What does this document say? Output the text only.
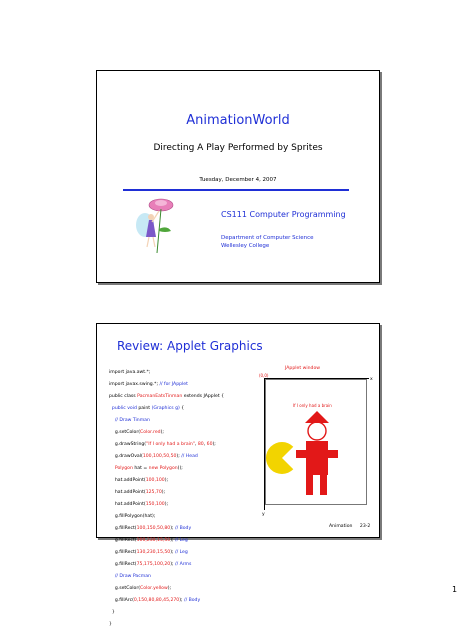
AnimationWorld
Directing A Play Performed by Sprites
Tuesday, December 4, 2007
CS111 Computer Programming
Department of Computer Science
Wellesley College
Review: Applet Graphics

import java.awt.*;

import javax.swing.*; // for JApplet

public class PacmanEatsTinman extends JApplet {

public void paint (Graphics g) {

// Draw Tinman

g.setColor(Color.red);

g.drawString("If I only had a brain", 80, 60);

g.drawOval(100,100,50,50); // Head

Polygon hat = new Polygon();

hat.addPoint(100,100);

hat.addPoint(125,70);

hat.addPoint(150,100);

g.fillPolygon(hat);

g.fillRect(100,150,50,80); // Body

g.fillRect(100,230,15,50); // Leg

g.fillRect(130,230,15,50); // Leg

g.fillRect(75,175,100,20); // Arms

// Draw Pacman

g.setColor(Color.yellow);

g.fillArc(0,150,80,80,45,270); // Body

}

}

JApplet window
(0,0)
x
y
If I only had a brain
Animation 23-2
1
